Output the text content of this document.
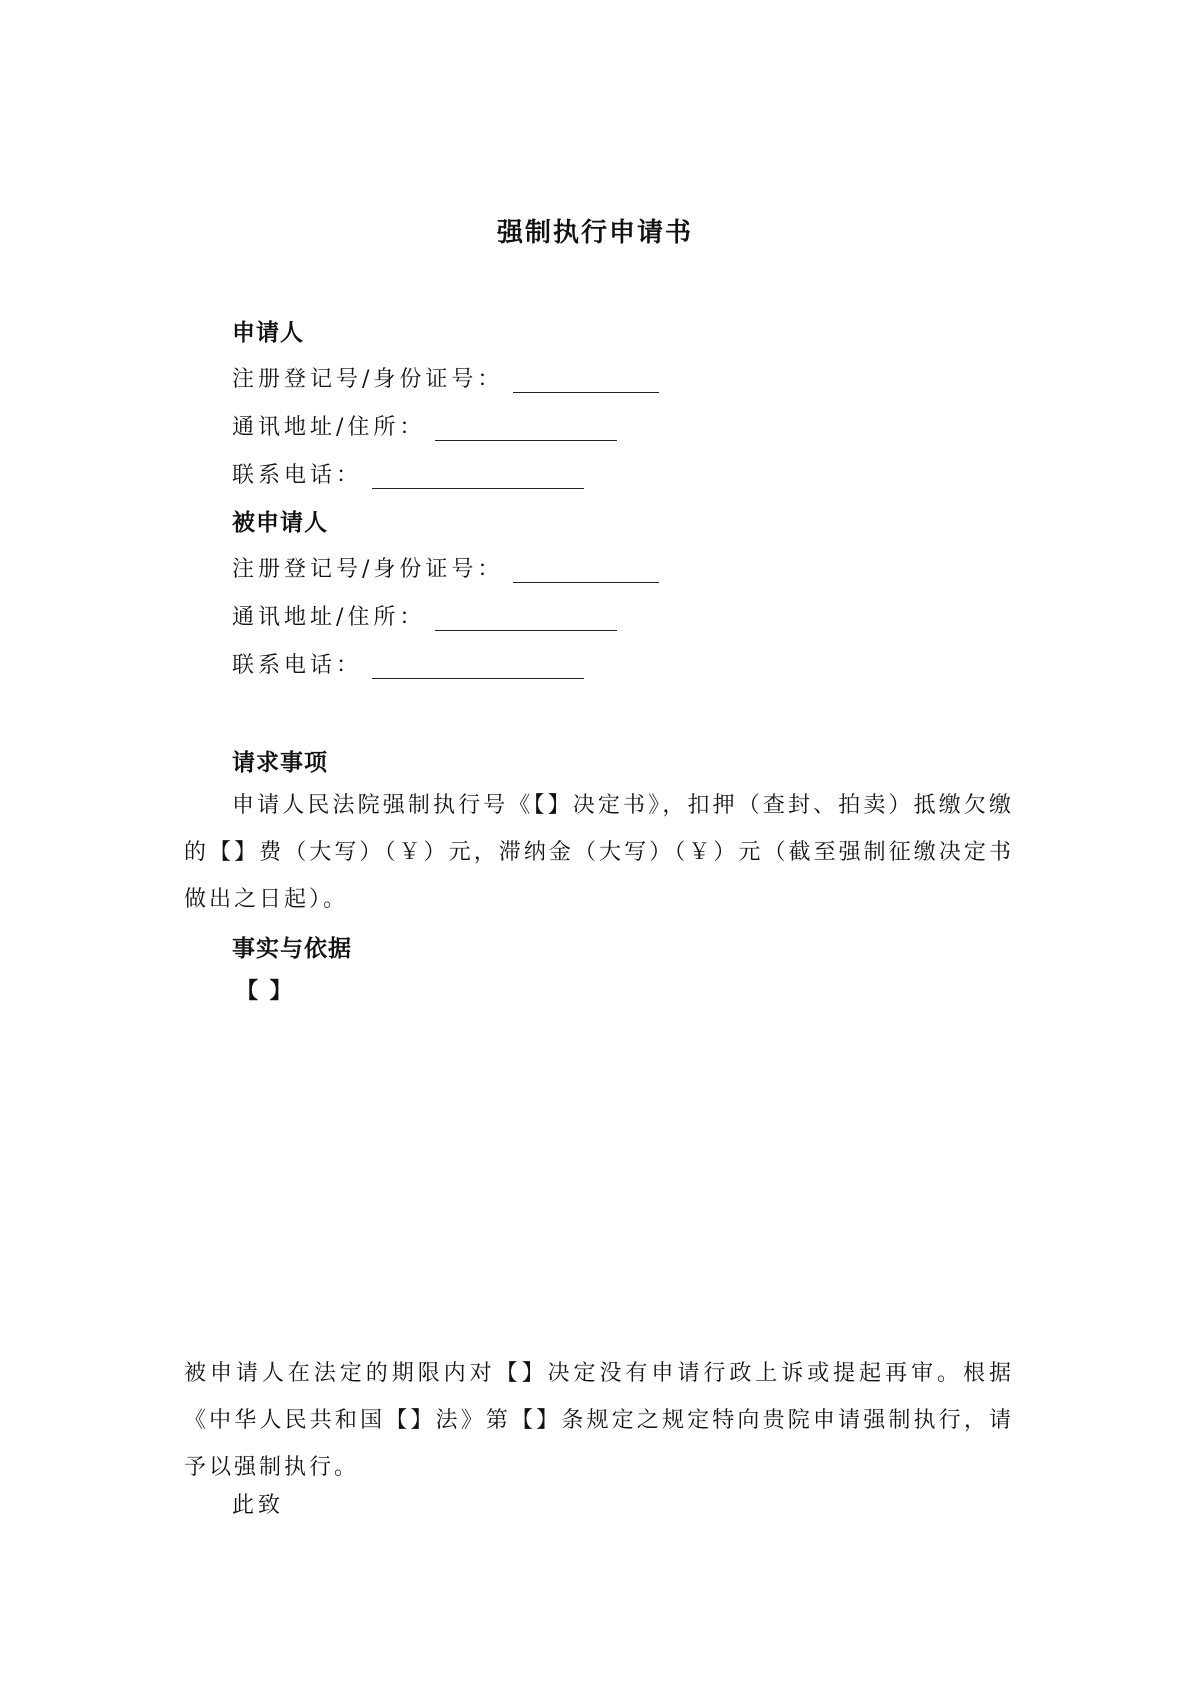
强制执行申请书
申请人
注册登记号/身份证号：
通讯地址/住所：
联系电话：
被申请人
注册登记号/身份证号：
通讯地址/住所：
联系电话：
请求事项
申请人民法院强制执行号《【】决定书》，扣押（查封、拍卖）抵缴欠缴的【】费（大写）（￥）元，滞纳金（大写）（￥）元（截至强制征缴决定书做出之日起）。
事实与依据
【 】
被申请人在法定的期限内对【】决定没有申请行政上诉或提起再审。根据《中华人民共和国【】法》第【】条规定之规定特向贵院申请强制执行，请予以强制执行。
此致
